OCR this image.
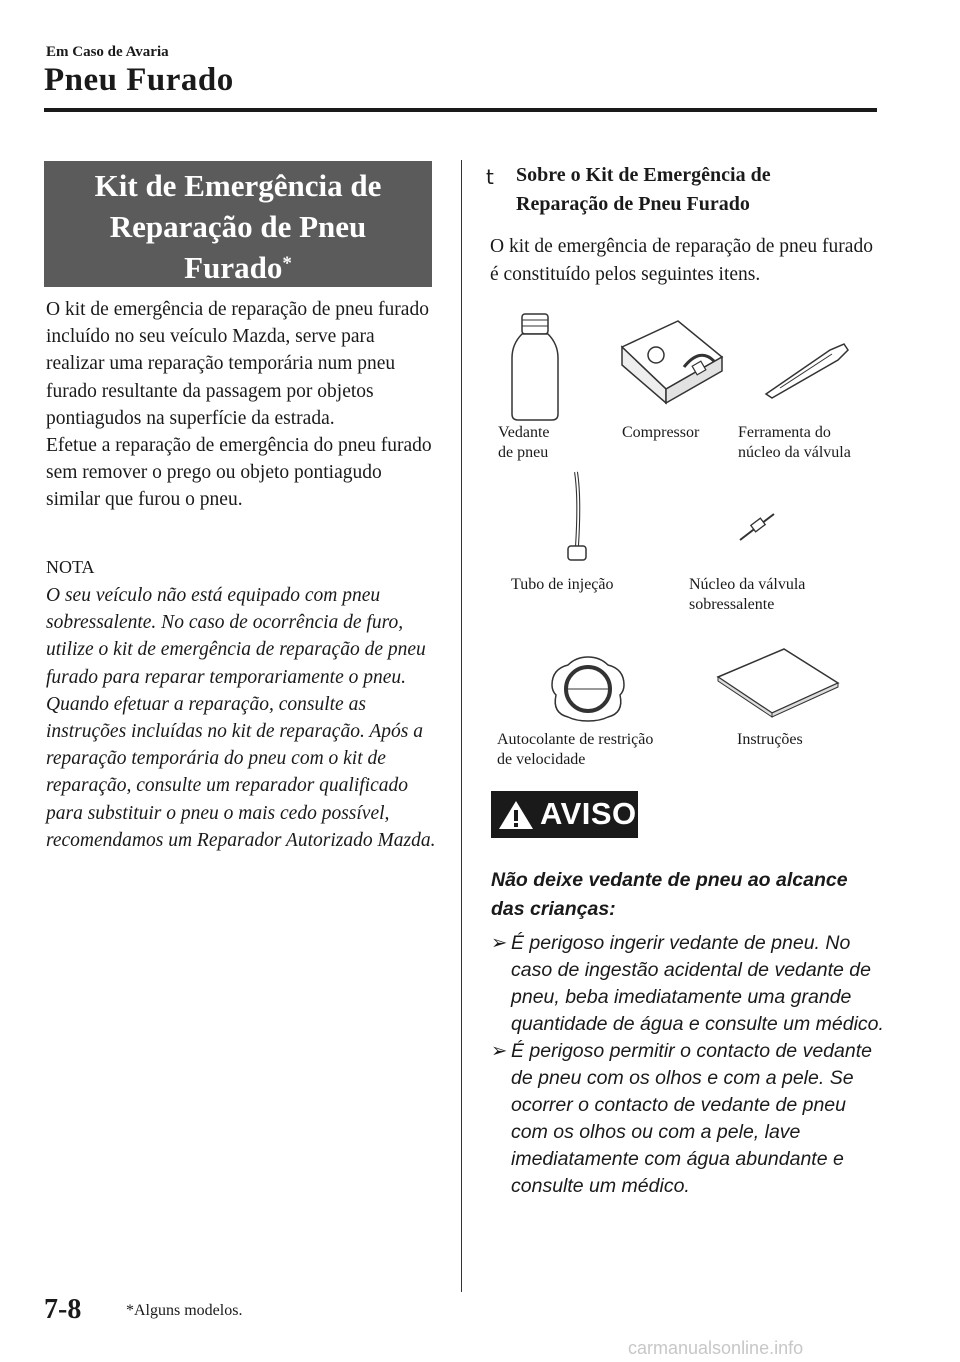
Em Caso de Avaria
Pneu Furado
Kit de Emergência de
Reparação de Pneu
Furado*

O kit de emergência de reparação de pneu furado incluído no seu veículo Mazda, serve para realizar uma reparação temporária num pneu furado resultante da passagem por objetos pontiagudos na superfície da estrada.

Efetue a reparação de emergência do pneu furado sem remover o prego ou objeto pontiagudo similar que furou o pneu.

NOTA
O seu veículo não está equipado com pneu sobressalente. No caso de ocorrência de furo, utilize o kit de emergência de reparação de pneu furado para reparar temporariamente o pneu. Quando efetuar a reparação, consulte as instruções incluídas no kit de reparação. Após a reparação temporária do pneu com o kit de reparação, consulte um reparador qualificado para substituir o pneu o mais cedo possível, recomendamos um Reparador Autorizado Mazda.
t Sobre o Kit de Emergência de
Reparação de Pneu Furado
O kit de emergência de reparação de pneu furado é constituído pelos seguintes itens.
Vedante
de pneu
Compressor Ferramenta do
núcleo da válvula
Tubo de injeção	Núcleo da válvula
sobressalente
Autocolante de restrição
de velocidade
Instruções
AVISO
Não deixe vedante de pneu ao alcance das crianças:
➢ É perigoso ingerir vedante de pneu. No caso de ingestão acidental de vedante de pneu, beba imediatamente uma grande quantidade de água e consulte um médico.
➢ É perigoso permitir o contacto de vedante de pneu com os olhos e com a pele. Se ocorrer o contacto de vedante de pneu com os olhos ou com a pele, lave imediatamente com água abundante e consulte um médico.
7-8	*Alguns modelos.
carmanualsonline.info
